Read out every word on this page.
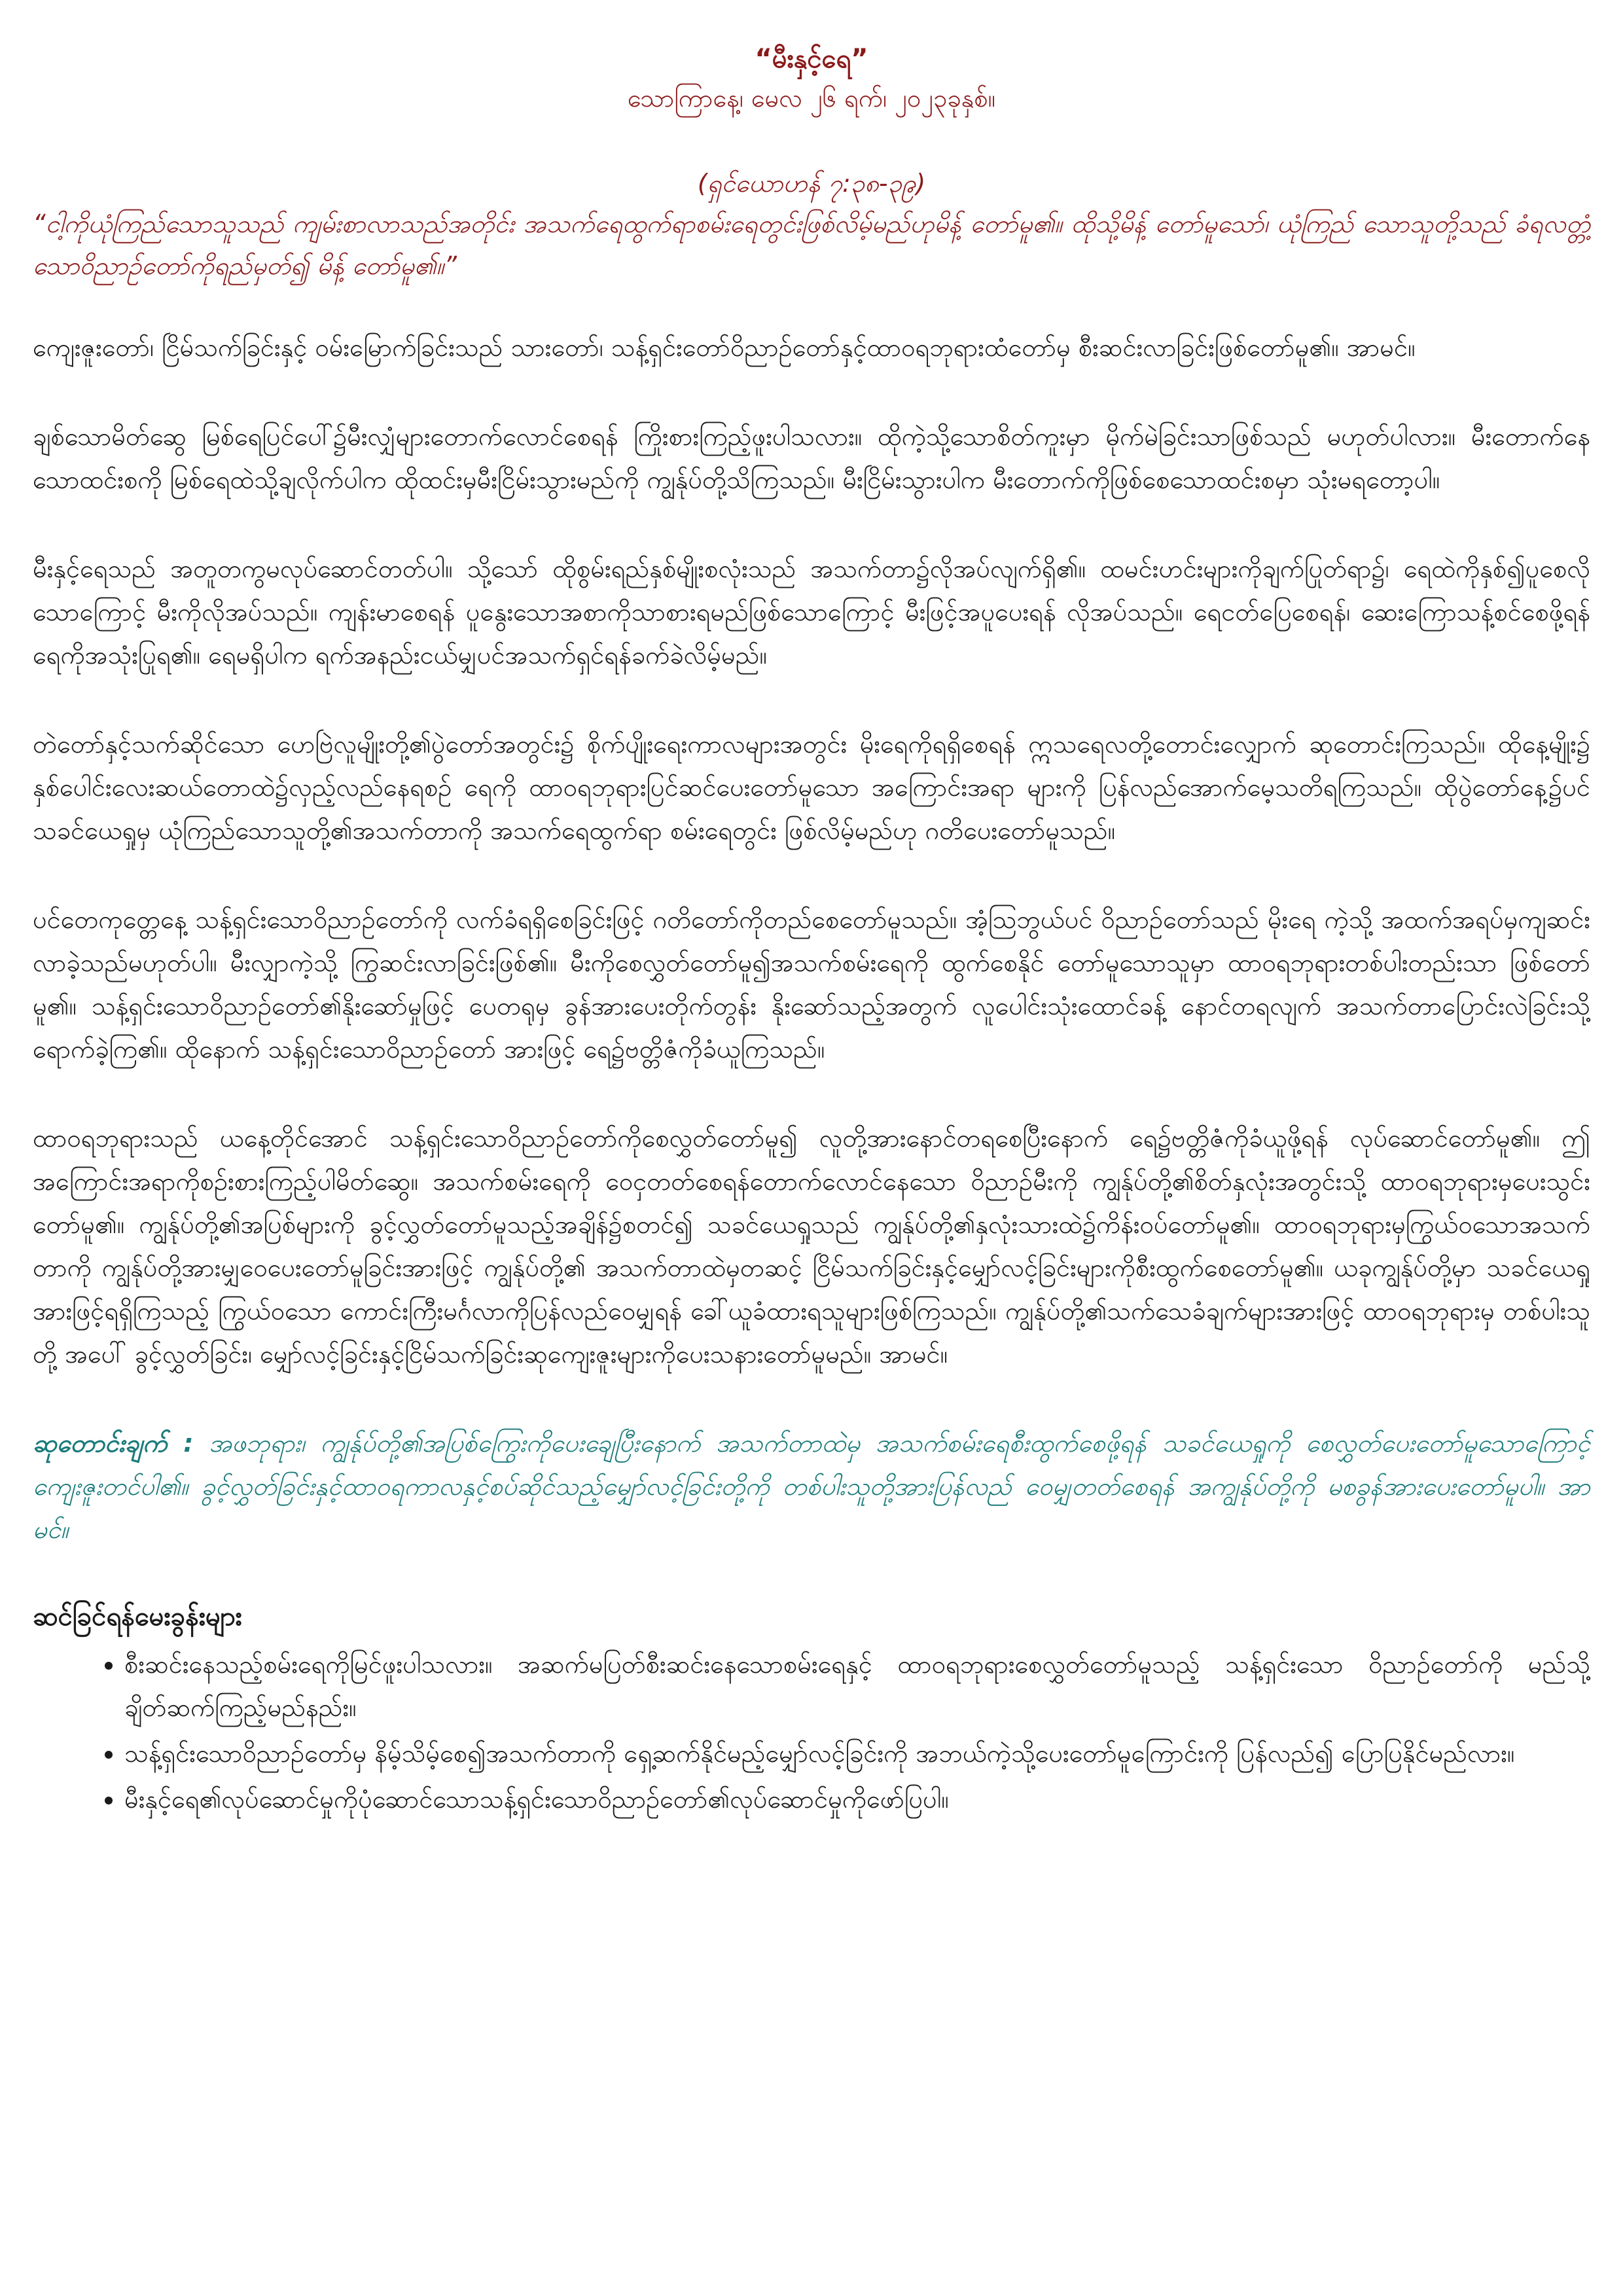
“မီးနှင့်ရေ”

သောကြာနေ့၊ မေလ ၂၆ ရက်၊ ၂၀၂၃ခုနှစ်။

(ရှင်ယောဟန် ၇:၃၈-၃၉)

“ငါ့ကိုယုံကြည်သောသူသည် ကျမ်းစာလာသည်အတိုင်း အသက်ရေထွက်ရာစမ်းရေတွင်းဖြစ်လိမ့်မည်ဟုမိန့် တော်မူ၏။ ထိုသို့မိန့် တော်မူသော်၊ ယုံကြည် သောသူတို့သည် ခံရလတ္တံ့သောဝိညာဉ်တော်ကိုရည်မှတ်၍ မိန့် တော်မူ၏။”

ကျေးဇူးတော်၊ ငြိမ်သက်ခြင်းနှင့် ဝမ်းမြောက်ခြင်းသည် သားတော်၊ သန့်ရှင်းတော်ဝိညာဉ်တော်နှင့်ထာဝရဘုရားထံတော်မှ စီးဆင်းလာခြင်းဖြစ်တော်မူ၏။ အာမင်။

ချစ်သောမိတ်ဆွေ မြစ်ရေပြင်ပေါ်၌မီးလျှံများတောက်လောင်စေရန် ကြိုးစားကြည့်ဖူးပါသလား။ ထိုကဲ့သို့သောစိတ်ကူးမှာ မိုက်မဲခြင်းသာဖြစ်သည် မဟုတ်ပါလား။ မီးတောက်နေသောထင်းစကို မြစ်ရေထဲသို့ချလိုက်ပါက ထိုထင်းမှမီးငြိမ်းသွားမည်ကို ကျွန်ုပ်တို့သိကြသည်။ မီးငြိမ်းသွားပါက မီးတောက်ကိုဖြစ်စေသောထင်းစမှာ သုံးမရတော့ပါ။

မီးနှင့်ရေသည် အတူတကွမလုပ်ဆောင်တတ်ပါ။ သို့သော် ထိုစွမ်းရည်နှစ်မျိုးစလုံးသည် အသက်တာ၌လိုအပ်လျက်ရှိ၏။ ထမင်းဟင်းများကိုချက်ပြုတ်ရာ၌၊ ရေထဲကိုနှစ်၍ပူစေလိုသောကြောင့် မီးကိုလိုအပ်သည်။ ကျန်းမာစေရန် ပူနွေးသောအစာကိုသာစားရမည်ဖြစ်သောကြောင့် မီးဖြင့်အပူပေးရန် လိုအပ်သည်။ ရေငတ်ပြေစေရန်၊ ဆေးကြောသန့်စင်စေဖို့ရန် ရေကိုအသုံးပြုရ၏။ ရေမရှိပါက ရက်အနည်းငယ်မျှပင်အသက်ရှင်ရန်ခက်ခဲလိမ့်မည်။

တဲတော်နှင့်သက်ဆိုင်သော ဟေဗြဲလူမျိုးတို့၏ပွဲတော်အတွင်း၌ စိုက်ပျိုးရေးကာလများအတွင်း မိုးရေကိုရရှိစေရန် ဣသရေလတို့တောင်းလျှောက် ဆုတောင်းကြသည်။ ထိုနေ့မျိုး၌ နှစ်ပေါင်းလေးဆယ်တောထဲ၌လှည့်လည်နေရစဉ် ရေကို ထာဝရဘုရားပြင်ဆင်ပေးတော်မူသော အကြောင်းအရာ များကို ပြန်လည်အောက်မေ့သတိရကြသည်။ ထိုပွဲတော်နေ့၌ပင် သခင်ယေရှုမှ ယုံကြည်သောသူတို့၏အသက်တာကို အသက်ရေထွက်ရာ စမ်းရေတွင်း ဖြစ်လိမ့်မည်ဟု ဂတိပေးတော်မူသည်။

ပင်တေကုတ္တေနေ့ သန့်ရှင်းသောဝိညာဉ်တော်ကို လက်ခံရရှိစေခြင်းဖြင့် ဂတိတော်ကိုတည်စေတော်မူသည်။ အံ့သြဘွယ်ပင် ဝိညာဉ်တော်သည် မိုးရေ ကဲ့သို့ အထက်အရပ်မှကျဆင်းလာခဲ့သည်မဟုတ်ပါ။ မီးလျှာကဲ့သို့ ကြွဆင်းလာခြင်းဖြစ်၏။ မီးကိုစေလွှတ်တော်မူ၍အသက်စမ်းရေကို ထွက်စေနိုင် တော်မူသောသူမှာ ထာဝရဘုရားတစ်ပါးတည်းသာ ဖြစ်တော်မူ၏။ သန့်ရှင်းသောဝိညာဉ်တော်၏နိုးဆော်မှုဖြင့် ပေတရုမှ ခွန်အားပေးတိုက်တွန်း နိုးဆော်သည့်အတွက် လူပေါင်းသုံးထောင်ခန့် နောင်တရလျက် အသက်တာပြောင်းလဲခြင်းသို့ရောက်ခဲ့ကြ၏။ ထိုနောက် သန့်ရှင်းသောဝိညာဉ်တော် အားဖြင့် ရေ၌ဗတ္တိဇံကိုခံယူကြသည်။

ထာဝရဘုရားသည် ယနေ့တိုင်အောင် သန့်ရှင်းသောဝိညာဉ်တော်ကိုစေလွှတ်တော်မူ၍ လူတို့အားနောင်တရစေပြီးနောက် ရေ၌ဗတ္တိဇံကိုခံယူဖို့ရန် လုပ်ဆောင်တော်မူ၏။ ဤအကြောင်းအရာကိုစဉ်းစားကြည့်ပါမိတ်ဆွေ။ အသက်စမ်းရေကို ဝေငှတတ်စေရန်တောက်လောင်နေသော ဝိညာဉ်မီးကို ကျွန်ုပ်တို့၏စိတ်နှလုံးအတွင်းသို့ ထာဝရဘုရားမှပေးသွင်းတော်မူ၏။ ကျွန်ုပ်တို့၏အပြစ်များကို ခွင့်လွှတ်တော်မူသည့်အချိန်၌စတင်၍ သခင်ယေရှုသည် ကျွန်ုပ်တို့၏နှလုံးသားထဲ၌ကိန်းဝပ်တော်မူ၏။ ထာဝရဘုရားမှကြွယ်ဝသောအသက်တာကို ကျွန်ုပ်တို့အားမျှဝေပေးတော်မူခြင်းအားဖြင့် ကျွန်ုပ်တို့၏ အသက်တာထဲမှတဆင့် ငြိမ်သက်ခြင်းနှင့်မျှော်လင့်ခြင်းများကိုစီးထွက်စေတော်မူ၏။ ယခုကျွန်ုပ်တို့မှာ သခင်ယေရှုအားဖြင့်ရရှိကြသည့် ကြွယ်ဝသော ကောင်းကြီးမင်္ဂလာကိုပြန်လည်ဝေမျှရန် ခေါ်ယူခံထားရသူများဖြစ်ကြသည်။ ကျွန်ုပ်တို့၏သက်သေခံချက်များအားဖြင့် ထာဝရဘုရားမှ တစ်ပါးသူတို့ အပေါ် ခွင့်လွှတ်ခြင်း၊ မျှော်လင့်ခြင်းနှင့်ငြိမ်သက်ခြင်းဆုကျေးဇူးများကိုပေးသနားတော်မူမည်။ အာမင်။

ဆုတောင်းချက် : အဖဘုရား၊ ကျွန်ုပ်တို့၏အပြစ်ကြွေးကိုပေးချေပြီးနောက် အသက်တာထဲမှ အသက်စမ်းရေစီးထွက်စေဖို့ရန် သခင်ယေရှုကို စေလွှတ်ပေးတော်မူသောကြောင့်ကျေးဇူးတင်ပါ၏။ ခွင့်လွှတ်ခြင်းနှင့်ထာဝရကာလနှင့်စပ်ဆိုင်သည့်မျှော်လင့်ခြင်းတို့ကို တစ်ပါးသူတို့အားပြန်လည် ဝေမျှတတ်စေရန် အကျွန်ုပ်တို့ကို မစခွန်အားပေးတော်မူပါ။ အာမင်။

ဆင်ခြင်ရန်မေးခွန်းများ

• စီးဆင်းနေသည့်စမ်းရေကိုမြင်ဖူးပါသလား။ အဆက်မပြတ်စီးဆင်းနေသောစမ်းရေနှင့် ထာဝရဘုရားစေလွှတ်တော်မူသည့် သန့်ရှင်းသော ဝိညာဉ်တော်ကို မည်သို့ချိတ်ဆက်ကြည့်မည်နည်း။
• သန့်ရှင်းသောဝိညာဉ်တော်မှ နိမ့်သိမ့်စေ၍အသက်တာကို ရှေ့ဆက်နိုင်မည့်မျှော်လင့်ခြင်းကို အဘယ်ကဲ့သို့ပေးတော်မူကြောင်းကို ပြန်လည်၍ ပြောပြနိုင်မည်လား။
• မီးနှင့်ရေ၏လုပ်ဆောင်မှုကိုပုံဆောင်သောသန့်ရှင်းသောဝိညာဉ်တော်၏လုပ်ဆောင်မှုကိုဖော်ပြပါ။
